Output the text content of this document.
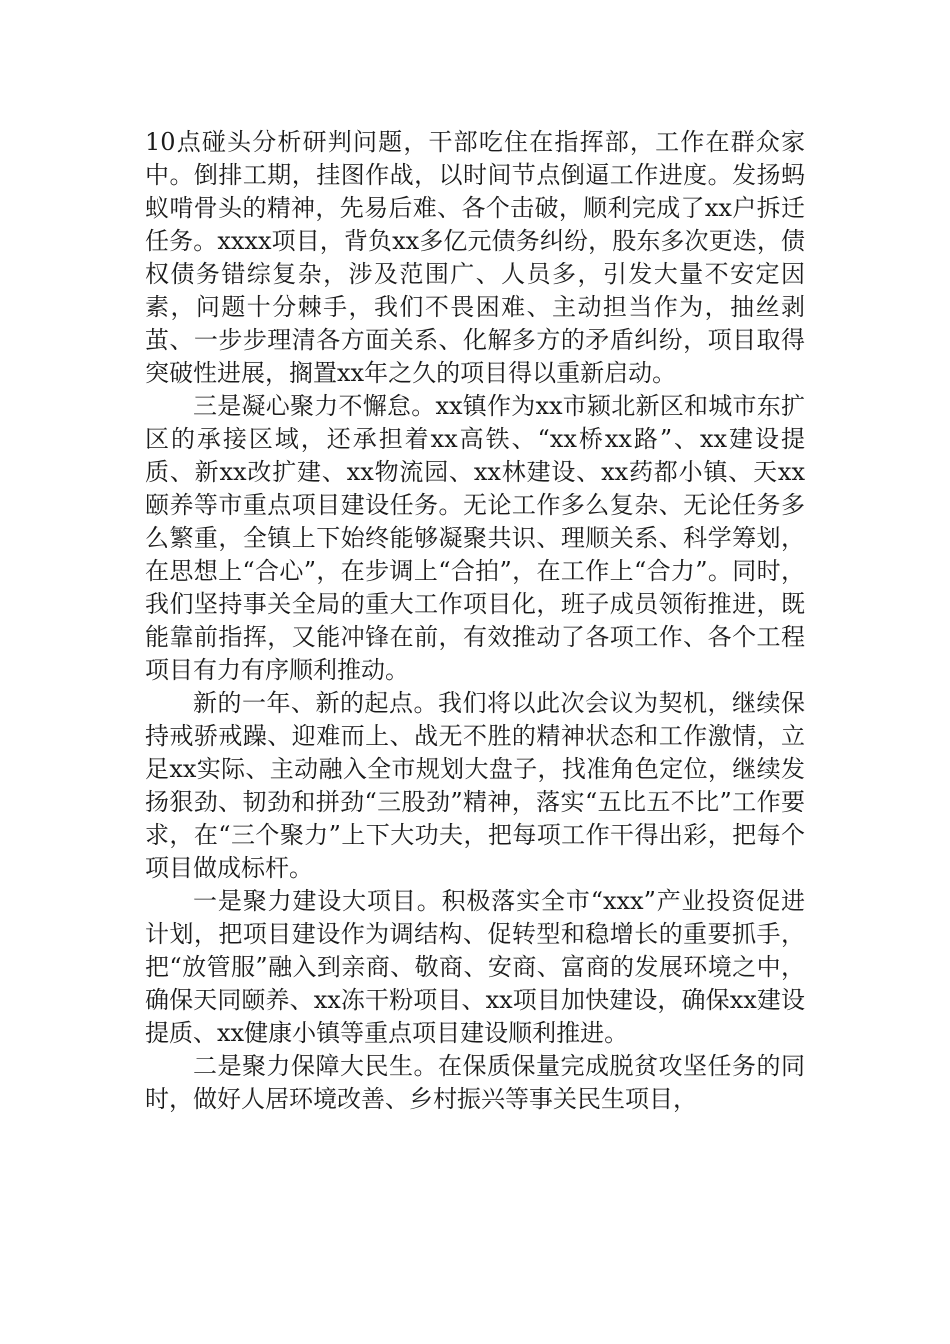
10点碰头分析研判问题，干部吃住在指挥部，工作在群众家中。倒排工期，挂图作战，以时间节点倒逼工作进度。发扬蚂蚁啃骨头的精神，先易后难、各个击破，顺利完成了xx户拆迁任务。xxxx项目，背负xx多亿元债务纠纷，股东多次更迭，债权债务错综复杂，涉及范围广、人员多，引发大量不安定因素，问题十分棘手，我们不畏困难、主动担当作为，抽丝剥茧、一步步理清各方面关系、化解多方的矛盾纠纷，项目取得突破性进展，搁置xx年之久的项目得以重新启动。

三是凝心聚力不懈怠。xx镇作为xx市颍北新区和城市东扩区的承接区域，还承担着xx高铁、“xx桥xx路”、xx建设提质、新xx改扩建、xx物流园、xx林建设、xx药都小镇、天xx颐养等市重点项目建设任务。无论工作多么复杂、无论任务多么繁重，全镇上下始终能够凝聚共识、理顺关系、科学筹划，在思想上“合心”，在步调上“合拍”，在工作上“合力”。同时，我们坚持事关全局的重大工作项目化，班子成员领衔推进，既能靠前指挥，又能冲锋在前，有效推动了各项工作、各个工程项目有力有序顺利推动。

新的一年、新的起点。我们将以此次会议为契机，继续保持戒骄戒躁、迎难而上、战无不胜的精神状态和工作激情，立足xx实际、主动融入全市规划大盘子，找准角色定位，继续发扬狠劲、韧劲和拼劲“三股劲”精神，落实“五比五不比”工作要求，在“三个聚力”上下大功夫，把每项工作干得出彩，把每个项目做成标杆。

一是聚力建设大项目。积极落实全市“xxx”产业投资促进计划，把项目建设作为调结构、促转型和稳增长的重要抓手，把“放管服”融入到亲商、敬商、安商、富商的发展环境之中，确保天同颐养、xx冻干粉项目、xx项目加快建设，确保xx建设提质、xx健康小镇等重点项目建设顺利推进。

二是聚力保障大民生。在保质保量完成脱贫攻坚任务的同时，做好人居环境改善、乡村振兴等事关民生项目，
